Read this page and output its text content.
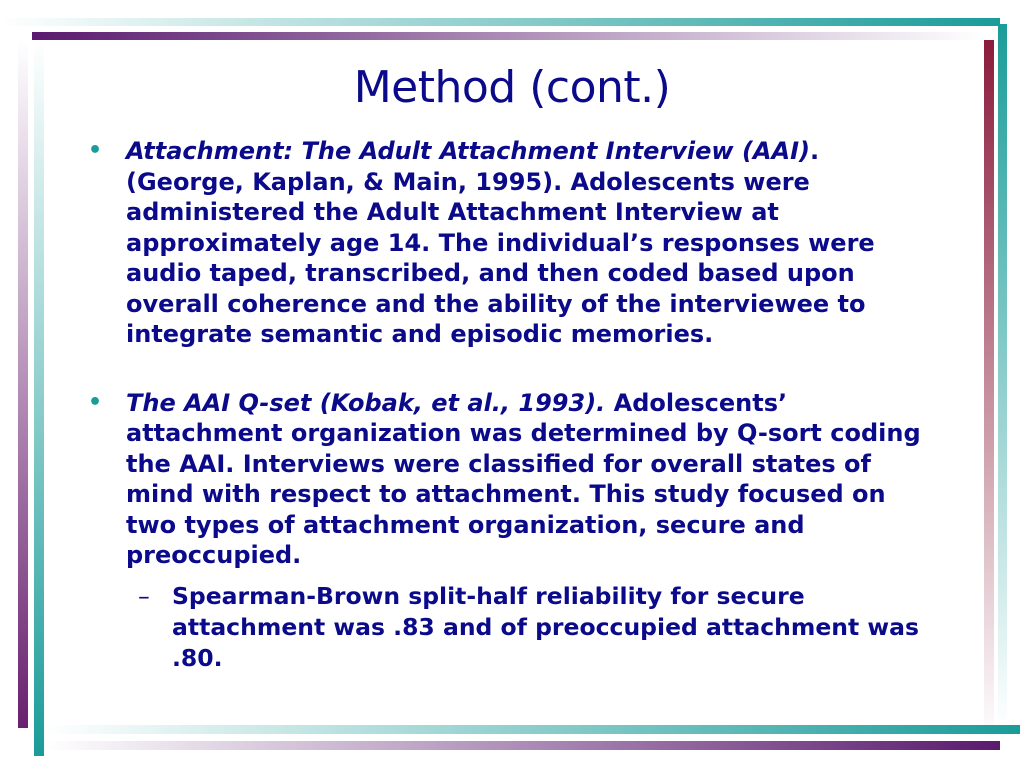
Method (cont.)
• Attachment: The Adult Attachment Interview (AAI). (George, Kaplan, & Main, 1995). Adolescents were administered the Adult Attachment Interview at approximately age 14. The individual’s responses were audio taped, transcribed, and then coded based upon overall coherence and the ability of the interviewee to integrate semantic and episodic memories.
• The AAI Q-set (Kobak, et al., 1993). Adolescents’ attachment organization was determined by Q-sort coding the AAI. Interviews were classified for overall states of mind with respect to attachment. This study focused on two types of attachment organization, secure and preoccupied.
– Spearman-Brown split-half reliability for secure attachment was .83 and of preoccupied attachment was .80.
